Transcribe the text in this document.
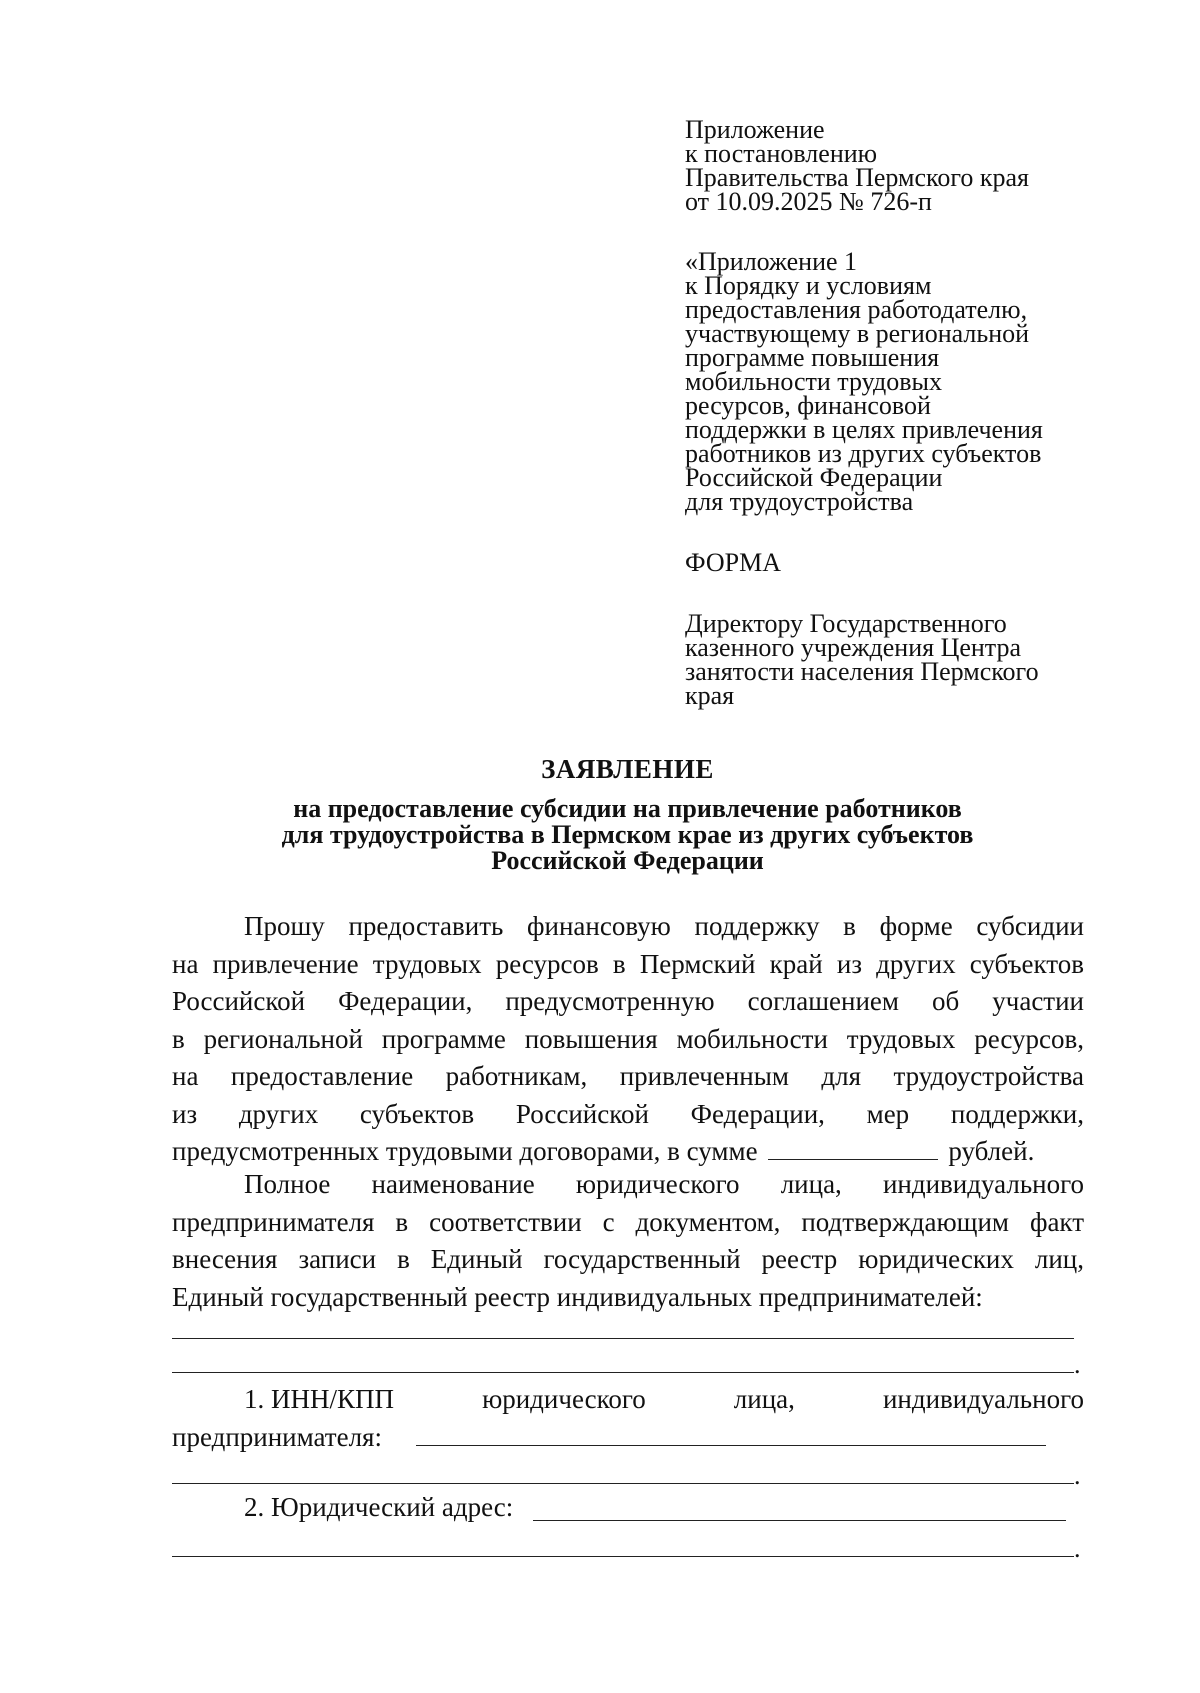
Приложение
к постановлению
Правительства Пермского края
от 10.09.2025 № 726-п
«Приложение 1
к Порядку и условиям
предоставления работодателю,
участвующему в региональной
программе повышения
мобильности трудовых
ресурсов, финансовой
поддержки в целях привлечения
работников из других субъектов
Российской Федерации
для трудоустройства
ФОРМА
Директору Государственного
казенного учреждения Центра
занятости населения Пермского
края
ЗАЯВЛЕНИЕ
на предоставление субсидии на привлечение работников
для трудоустройства в Пермском крае из других субъектов
Российской Федерации
Прошу предоставить финансовую поддержку в форме субсидии
на привлечение трудовых ресурсов в Пермский край из других субъектов
Российской Федерации, предусмотренную соглашением об участии
в региональной программе повышения мобильности трудовых ресурсов,
на предоставление работникам, привлеченным для трудоустройства
из других субъектов Российской Федерации, мер поддержки,
предусмотренных трудовыми договорами, в сумме	рублей.
Полное наименование юридического лица, индивидуального
предпринимателя в соответствии с документом, подтверждающим факт
внесения записи в Единый государственный реестр юридических лиц,
Единый государственный реестр индивидуальных предпринимателей:
.
1. ИНН/КПП	юридического	лица,	индивидуального
предпринимателя:
.
2. Юридический адрес:
.
